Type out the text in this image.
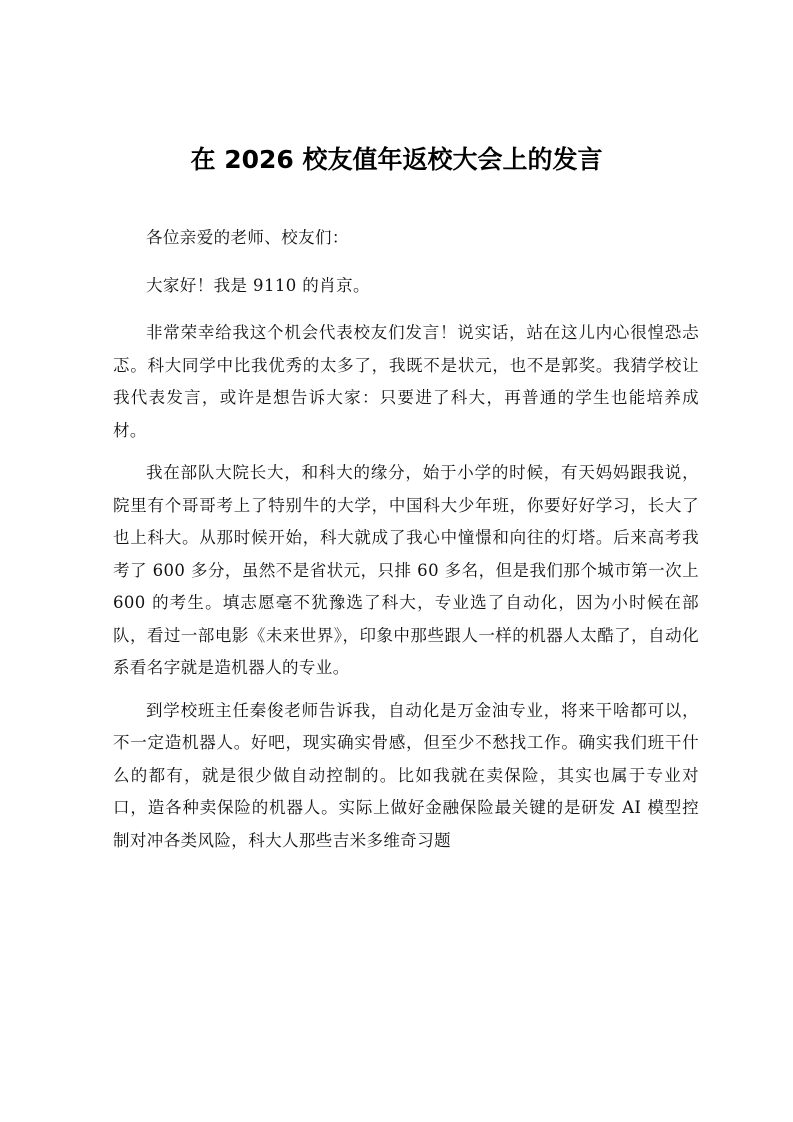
在 2026 校友值年返校大会上的发言

各位亲爱的老师、校友们：

大家好！我是 9110 的肖京。

非常荣幸给我这个机会代表校友们发言！说实话，站在这儿内心很惶恐忐忑。科大同学中比我优秀的太多了，我既不是状元，也不是郭奖。我猜学校让我代表发言，或许是想告诉大家：只要进了科大，再普通的学生也能培养成材。

我在部队大院长大，和科大的缘分，始于小学的时候，有天妈妈跟我说，院里有个哥哥考上了特别牛的大学，中国科大少年班，你要好好学习，长大了也上科大。从那时候开始，科大就成了我心中憧憬和向往的灯塔。后来高考我考了 600 多分，虽然不是省状元，只排 60 多名，但是我们那个城市第一次上 600 的考生。填志愿毫不犹豫选了科大，专业选了自动化，因为小时候在部队，看过一部电影《未来世界》，印象中那些跟人一样的机器人太酷了，自动化系看名字就是造机器人的专业。

到学校班主任秦俊老师告诉我，自动化是万金油专业，将来干啥都可以，不一定造机器人。好吧，现实确实骨感，但至少不愁找工作。确实我们班干什么的都有，就是很少做自动控制的。比如我就在卖保险，其实也属于专业对口，造各种卖保险的机器人。实际上做好金融保险最关键的是研发 AI 模型控制对冲各类风险，科大人那些吉米多维奇习题
